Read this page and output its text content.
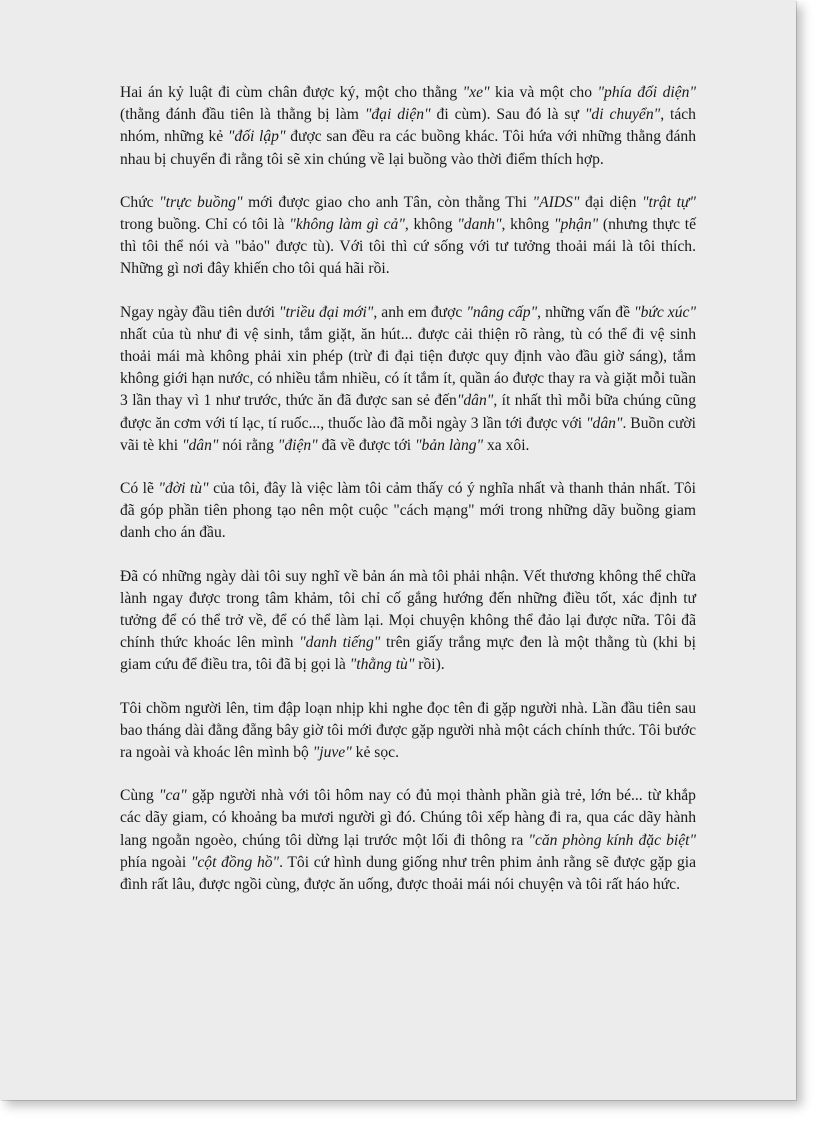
Hai án kỷ luật đi cùm chân được ký, một cho thằng "xe" kia và một cho "phía đối diện" (thằng đánh đầu tiên là thằng bị làm "đại diện" đi cùm). Sau đó là sự "di chuyển", tách nhóm, những kẻ "đối lập" được san đều ra các buồng khác. Tôi hứa với những thằng đánh nhau bị chuyển đi rằng tôi sẽ xin chúng về lại buồng vào thời điểm thích hợp.

Chức "trực buồng" mới được giao cho anh Tân, còn thằng Thi "AIDS" đại diện "trật tự" trong buồng. Chỉ có tôi là "không làm gì cả", không "danh", không "phận" (nhưng thực tế thì tôi thể nói và "bảo" được tù). Với tôi thì cứ sống với tư tưởng thoải mái là tôi thích. Những gì nơi đây khiến cho tôi quá hãi rồi.

Ngay ngày đầu tiên dưới "triều đại mới", anh em được "nâng cấp", những vấn đề "bức xúc" nhất của tù như đi vệ sinh, tắm giặt, ăn hút... được cải thiện rõ ràng, tù có thể đi vệ sinh thoải mái mà không phải xin phép (trừ đi đại tiện được quy định vào đầu giờ sáng), tắm không giới hạn nước, có nhiều tắm nhiều, có ít tắm ít, quần áo được thay ra và giặt mỗi tuần 3 lần thay vì 1 như trước, thức ăn đã được san sẻ đến"dân", ít nhất thì mỗi bữa chúng cũng được ăn cơm với tí lạc, tí ruốc..., thuốc lào đã mỗi ngày 3 lần tới được với "dân". Buồn cười vãi tè khi "dân" nói rằng "điện" đã về được tới "bản làng" xa xôi.

Có lẽ "đời tù" của tôi, đây là việc làm tôi cảm thấy có ý nghĩa nhất và thanh thản nhất. Tôi đã góp phần tiên phong tạo nên một cuộc "cách mạng" mới trong những dãy buồng giam danh cho án đầu.

Đã có những ngày dài tôi suy nghĩ về bản án mà tôi phải nhận. Vết thương không thể chữa lành ngay được trong tâm khảm, tôi chỉ cố gắng hướng đến những điều tốt, xác định tư tưởng để có thể trở về, để có thể làm lại. Mọi chuyện không thể đảo lại được nữa. Tôi đã chính thức khoác lên mình "danh tiếng" trên giấy trắng mực đen là một thằng tù (khi bị giam cứu để điều tra, tôi đã bị gọi là "thằng tù" rồi).

Tôi chồm người lên, tim đập loạn nhịp khi nghe đọc tên đi gặp người nhà. Lần đầu tiên sau bao tháng dài đằng đẵng bây giờ tôi mới được gặp người nhà một cách chính thức. Tôi bước ra ngoài và khoác lên mình bộ "juve" kẻ sọc.

Cùng "ca" gặp người nhà với tôi hôm nay có đủ mọi thành phần già trẻ, lớn bé... từ khắp các dãy giam, có khoảng ba mươi người gì đó. Chúng tôi xếp hàng đi ra, qua các dãy hành lang ngoằn ngoèo, chúng tôi dừng lại trước một lối đi thông ra "căn phòng kính đặc biệt" phía ngoài "cột đồng hồ". Tôi cứ hình dung giống như trên phim ảnh rằng sẽ được gặp gia đình rất lâu, được ngồi cùng, được ăn uống, được thoải mái nói chuyện và tôi rất háo hức.
